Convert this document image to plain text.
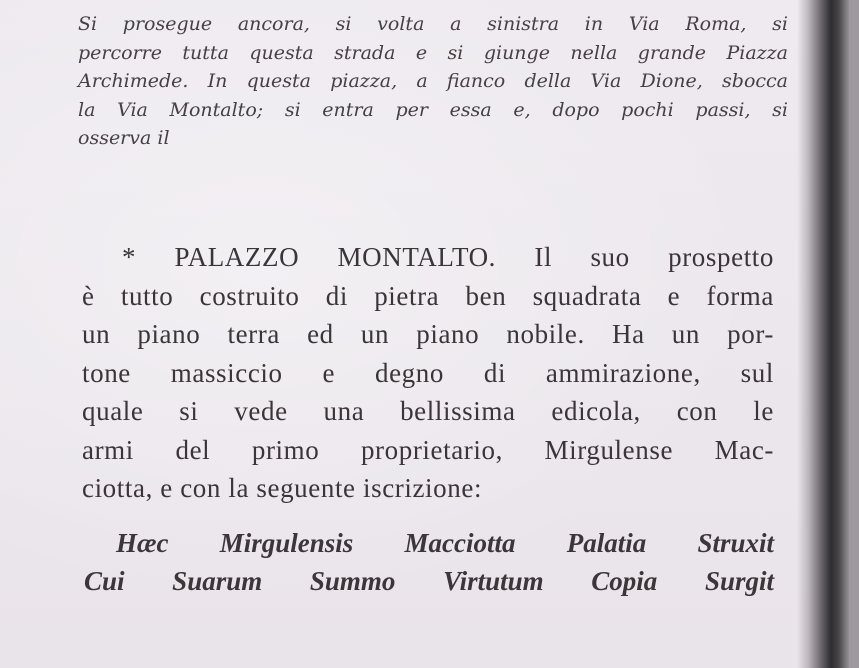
Si prosegue ancora, si volta a sinistra in Via Roma, si
percorre tutta questa strada e si giunge nella grande Piazza
Archimede. In questa piazza, a fianco della Via Dione, sbocca
la Via Montalto; si entra per essa e, dopo pochi passi, si
osserva il
* PALAZZO MONTALTO. Il suo prospetto
è tutto costruito di pietra ben squadrata e forma
un piano terra ed un piano nobile. Ha un por-
tone massiccio e degno di ammirazione, sul
quale si vede una bellissima edicola, con le
armi del primo proprietario, Mirgulense Mac-
ciotta, e con la seguente iscrizione:
Hæc Mirgulensis Macciotta Palatia Struxit
Cui Suarum Summo Virtutum Copia Surgit
